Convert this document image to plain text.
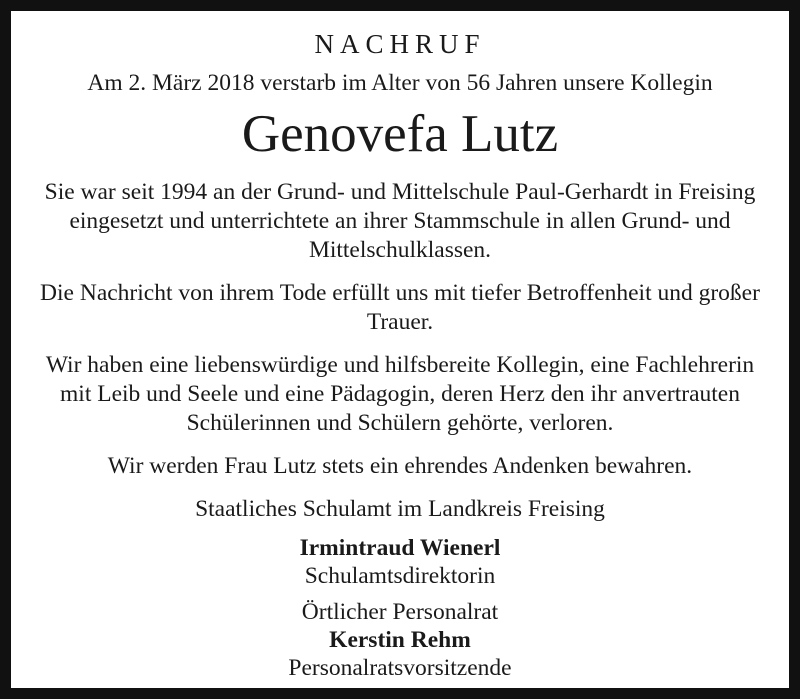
NACHRUF
Am 2. März 2018 verstarb im Alter von 56 Jahren unsere Kollegin
Genovefa Lutz
Sie war seit 1994 an der Grund- und Mittelschule Paul-Gerhardt in Freising eingesetzt und unterrichtete an ihrer Stammschule in allen Grund- und Mittelschulklassen.
Die Nachricht von ihrem Tode erfüllt uns mit tiefer Betroffenheit und großer Trauer.
Wir haben eine liebenswürdige und hilfsbereite Kollegin, eine Fachlehrerin mit Leib und Seele und eine Pädagogin, deren Herz den ihr anvertrauten Schülerinnen und Schülern gehörte, verloren.
Wir werden Frau Lutz stets ein ehrendes Andenken bewahren.
Staatliches Schulamt im Landkreis Freising
Irmintraud Wienerl
Schulamtsdirektorin
Örtlicher Personalrat
Kerstin Rehm
Personalratsvorsitzende
